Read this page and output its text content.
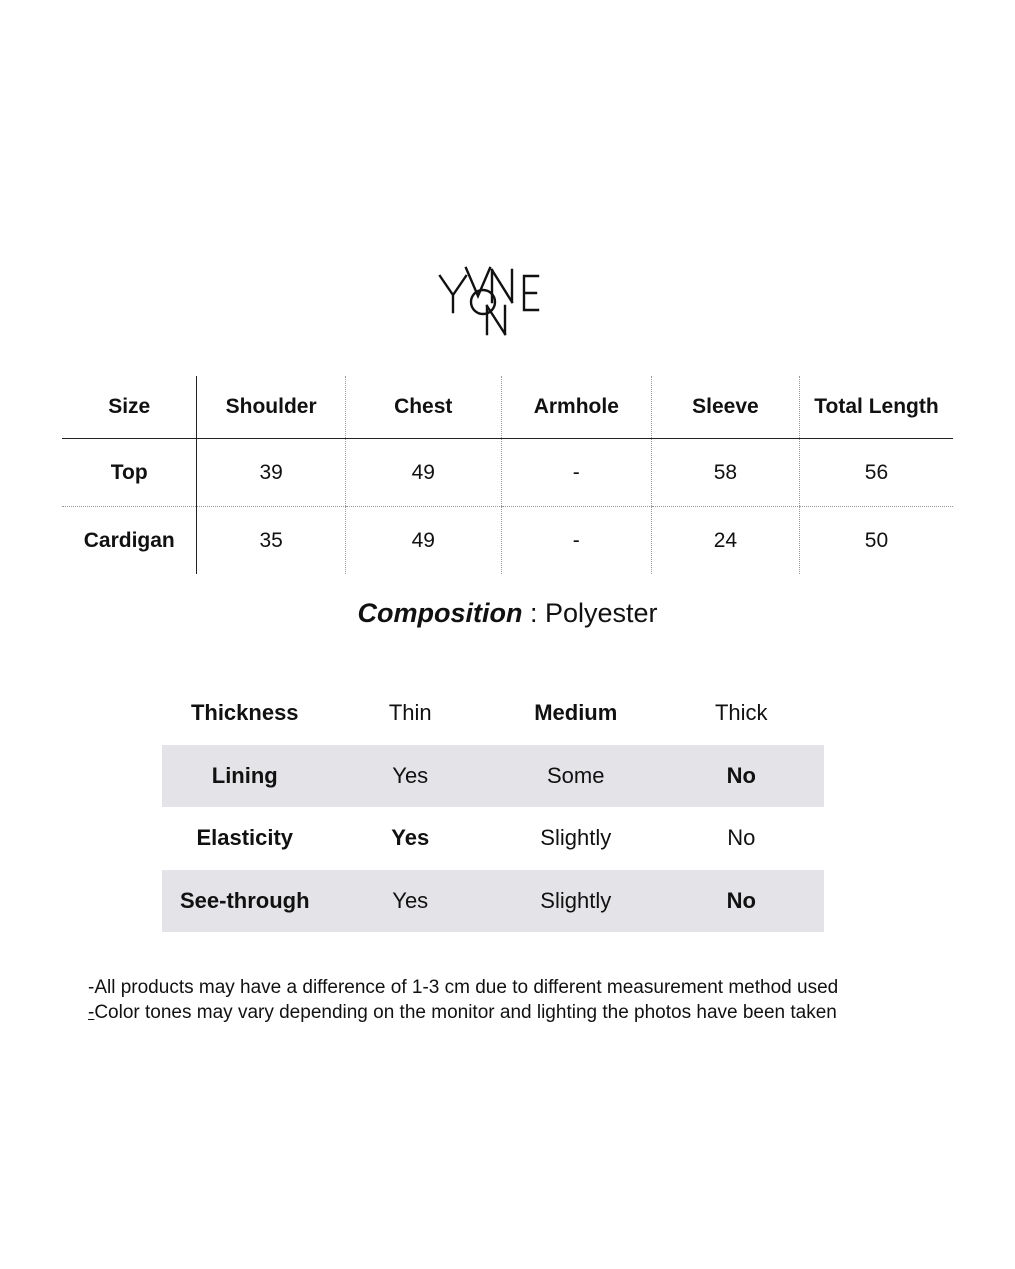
Size	Shoulder	Chest	Armhole	Sleeve	Total Length
Top	39	49	-	58	56
Cardigan	35	49	-	24	50
Composition : Polyester
Thickness	Thin	Medium	Thick
Lining	Yes	Some	No
Elasticity	Yes	Slightly	No
See-through	Yes	Slightly	No
-All products may have a difference of 1-3 cm due to different measurement method used
-Color tones may vary depending on the monitor and lighting the photos have been taken
